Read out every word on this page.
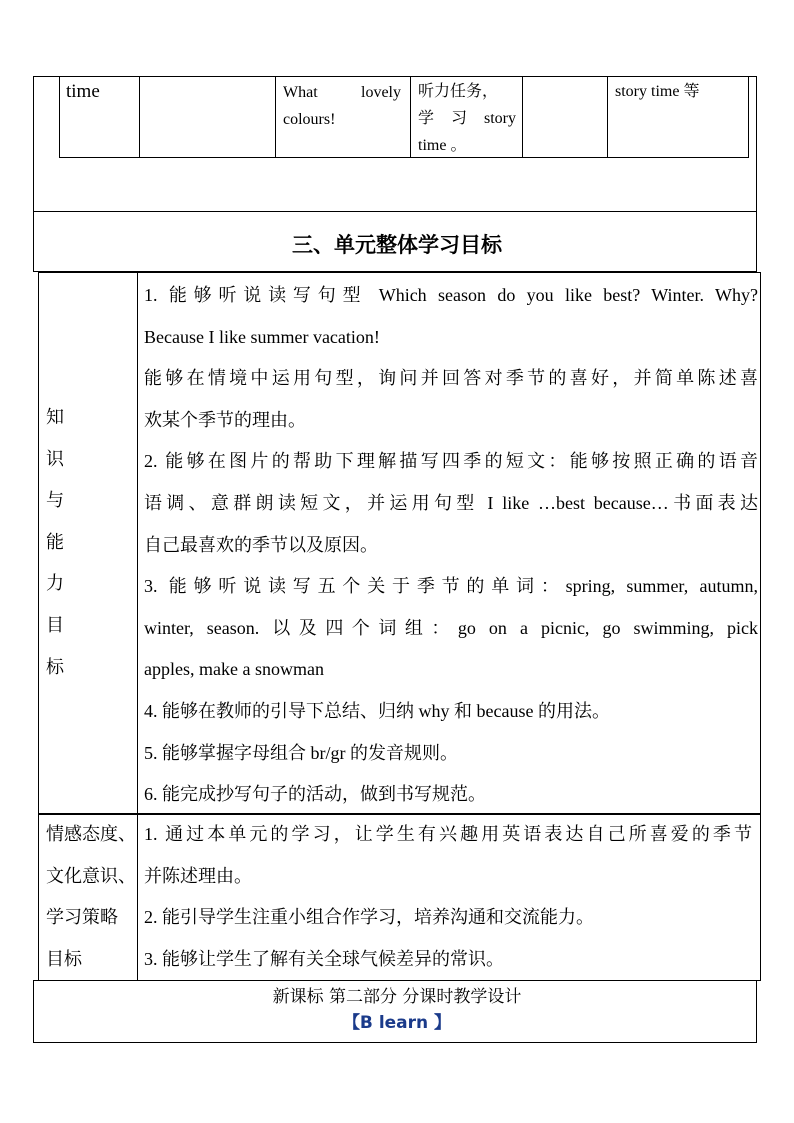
time	What lovely
colours!
听力任务，
学 习 story
time 。
story time 等
三、单元整体学习目标
知
识
与
能
力
目
标
1. 能够听说读写句型 Which season do you like best? Winter. Why?
Because I like summer vacation!
能够在情境中运用句型，询问并回答对季节的喜好，并简单陈述喜
欢某个季节的理由。
2. 能够在图片的帮助下理解描写四季的短文：能够按照正确的语音
语调、意群朗读短文，并运用句型 I like …best because…书面表达
自己最喜欢的季节以及原因。
3. 能够听说读写五个关于季节的单词：spring, summer, autumn,
winter, season. 以及四个词组：go on a picnic, go swimming, pick
apples, make a snowman
4. 能够在教师的引导下总结、归纳 why 和 because 的用法。
5. 能够掌握字母组合 br/gr 的发音规则。
6. 能完成抄写句子的活动，做到书写规范。
情感态度、
文化意识、
学习策略
目标
1. 通过本单元的学习，让学生有兴趣用英语表达自己所喜爱的季节
并陈述理由。
2. 能引导学生注重小组合作学习，培养沟通和交流能力。
3. 能够让学生了解有关全球气候差异的常识。
新课标 第二部分 分课时教学设计
【B learn 】
